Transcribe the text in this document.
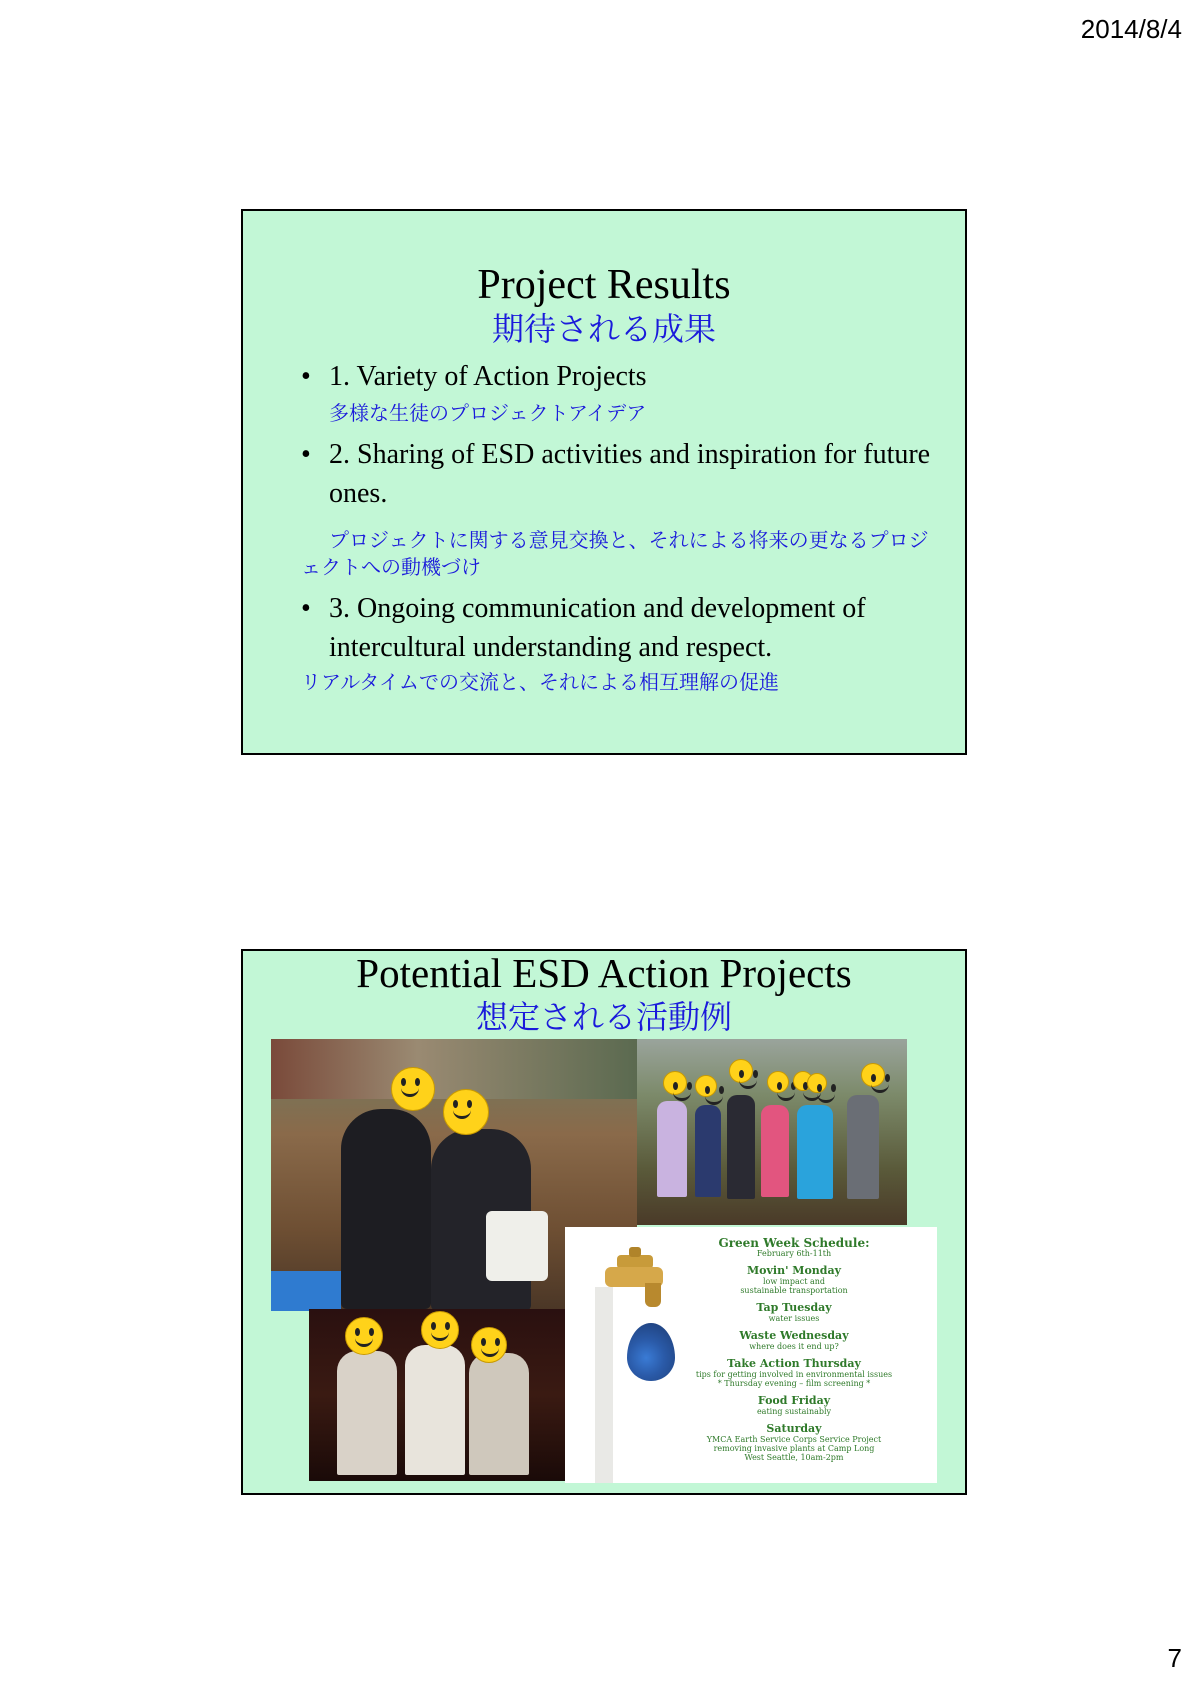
2014/8/4
Project Results
期待される成果
• 1. Variety of Action Projects
多様な生徒のプロジェクトアイデア
• 2. Sharing of ESD activities and inspiration for future ones.
プロジェクトに関する意見交換と、それによる将来の更なるプロジェクトへの動機づけ
• 3. Ongoing communication and development of intercultural understanding and respect.
リアルタイムでの交流と、それによる相互理解の促進
Potential ESD Action Projects
想定される活動例
Green Week Schedule:
February 6th-11th
Movin' Monday
low impact and
sustainable transportation
Tap Tuesday
water issues
Waste Wednesday
where does it end up?
Take Action Thursday
tips for getting involved in environmental issues
* Thursday evening – film screening *
Food Friday
eating sustainably
Saturday
YMCA Earth Service Corps Service Project
removing invasive plants at Camp Long
West Seattle, 10am-2pm
7
